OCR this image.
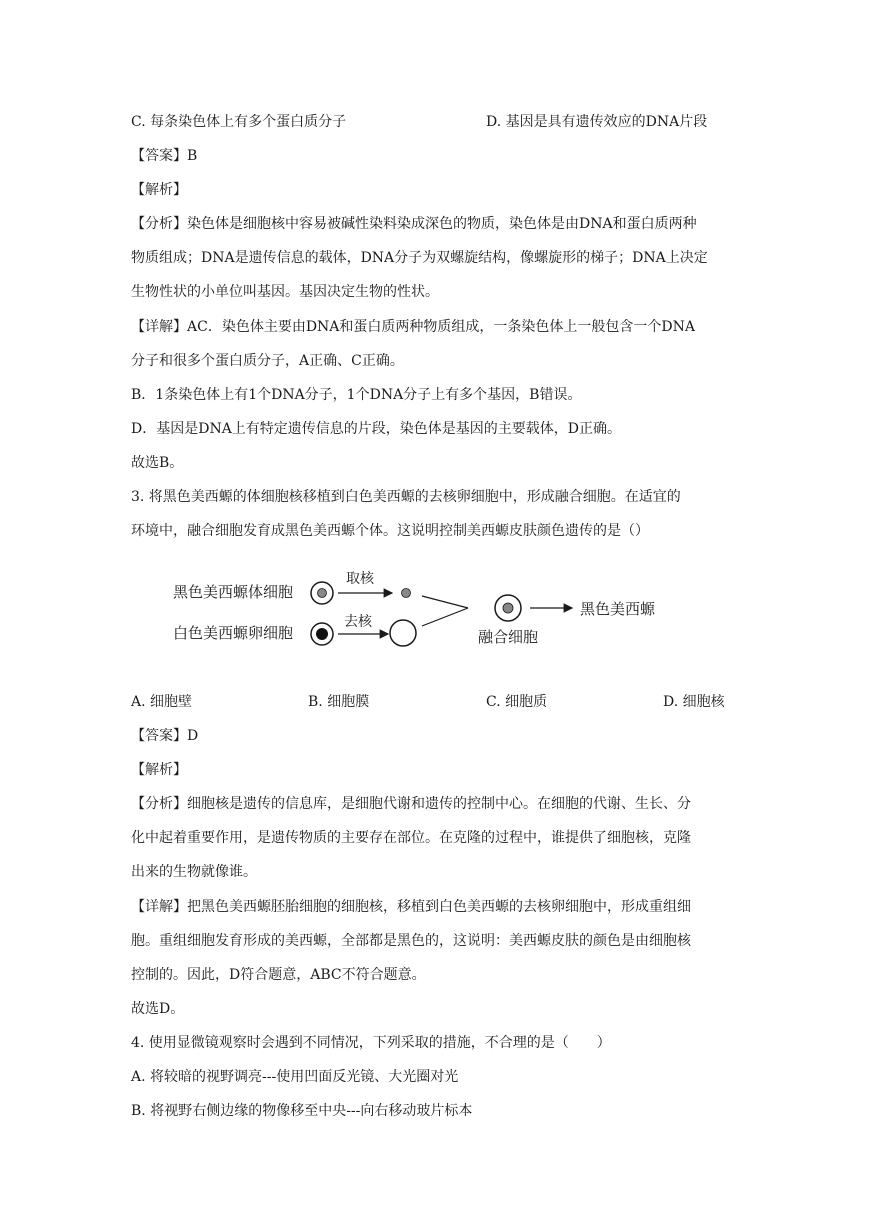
C. 每条染色体上有多个蛋白质分子	D. 基因是具有遗传效应的DNA片段
【答案】B
【解析】
【分析】染色体是细胞核中容易被碱性染料染成深色的物质，染色体是由DNA和蛋白质两种
物质组成；DNA是遗传信息的载体，DNA分子为双螺旋结构，像螺旋形的梯子；DNA上决定
生物性状的小单位叫基因。基因决定生物的性状。
【详解】AC．染色体主要由DNA和蛋白质两种物质组成，一条染色体上一般包含一个DNA
分子和很多个蛋白质分子，A正确、C正确。
B．1条染色体上有1个DNA分子，1个DNA分子上有多个基因，B错误。
D．基因是DNA上有特定遗传信息的片段，染色体是基因的主要载体，D正确。
故选B。
3. 将黑色美西螈的体细胞核移植到白色美西螈的去核卵细胞中，形成融合细胞。在适宜的
环境中，融合细胞发育成黑色美西螈个体。这说明控制美西螈皮肤颜色遗传的是（）
黑色美西螈体细胞
白色美西螈卵细胞
取核
去核
融合细胞
黑色美西螈
A. 细胞壁	B. 细胞膜	C. 细胞质	D. 细胞核
【答案】D
【解析】
【分析】细胞核是遗传的信息库，是细胞代谢和遗传的控制中心。在细胞的代谢、生长、分
化中起着重要作用，是遗传物质的主要存在部位。在克隆的过程中，谁提供了细胞核，克隆
出来的生物就像谁。
【详解】把黑色美西螈胚胎细胞的细胞核，移植到白色美西螈的去核卵细胞中，形成重组细
胞。重组细胞发育形成的美西螈，全部都是黑色的，这说明：美西螈皮肤的颜色是由细胞核
控制的。因此，D符合题意，ABC不符合题意。
故选D。
4. 使用显微镜观察时会遇到不同情况，下列采取的措施，不合理的是（　　）
A. 将较暗的视野调亮---使用凹面反光镜、大光圈对光
B. 将视野右侧边缘的物像移至中央---向右移动玻片标本
